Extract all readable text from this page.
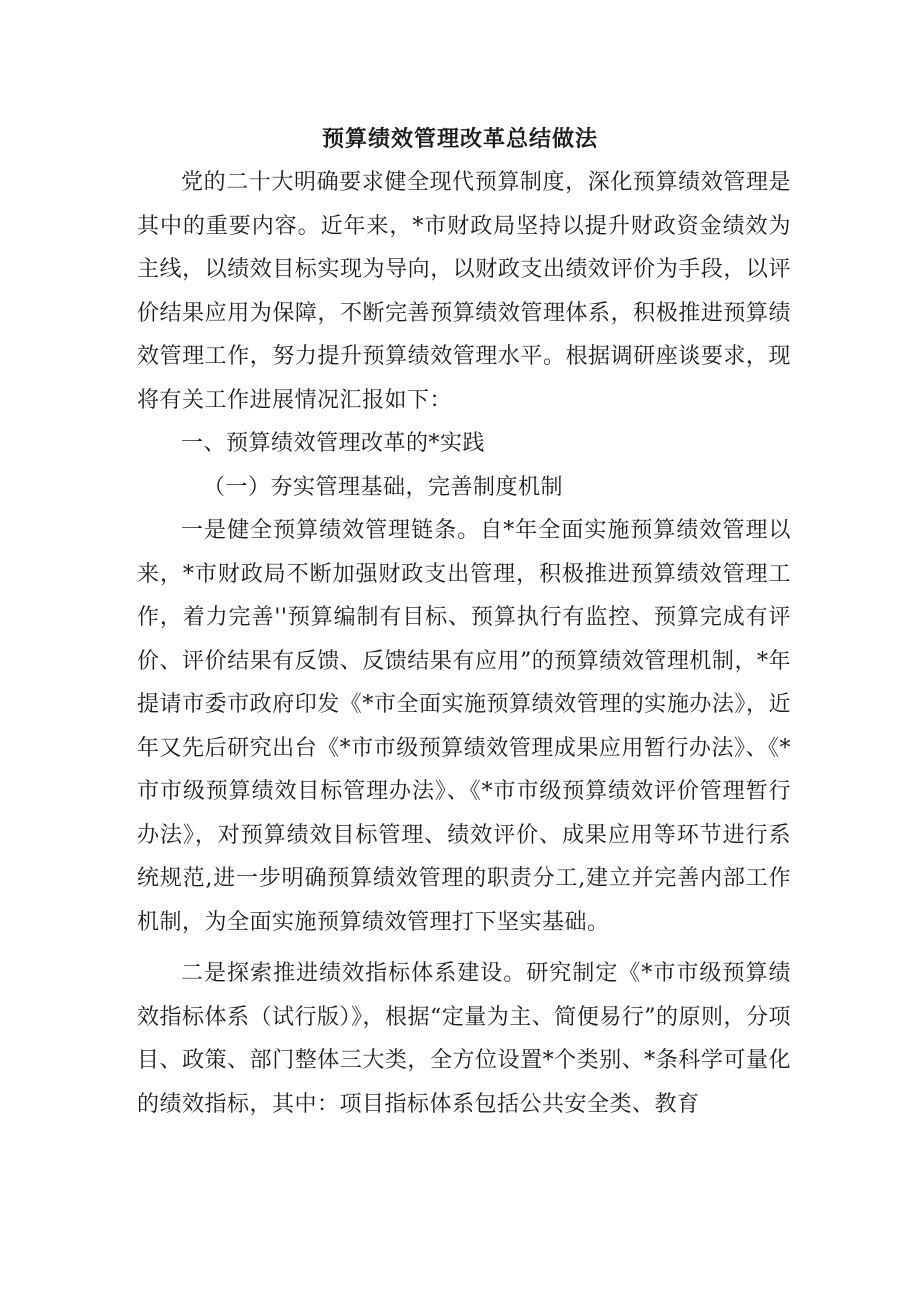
预算绩效管理改革总结做法

党的二十大明确要求健全现代预算制度，深化预算绩效管理是其中的重要内容。近年来，*市财政局坚持以提升财政资金绩效为主线，以绩效目标实现为导向，以财政支出绩效评价为手段，以评价结果应用为保障，不断完善预算绩效管理体系，积极推进预算绩效管理工作，努力提升预算绩效管理水平。根据调研座谈要求，现将有关工作进展情况汇报如下：

一、预算绩效管理改革的*实践

（一）夯实管理基础，完善制度机制

一是健全预算绩效管理链条。自*年全面实施预算绩效管理以来，*市财政局不断加强财政支出管理，积极推进预算绩效管理工作，着力完善''预算编制有目标、预算执行有监控、预算完成有评价、评价结果有反馈、反馈结果有应用”的预算绩效管理机制，*年提请市委市政府印发《*市全面实施预算绩效管理的实施办法》，近年又先后研究出台《*市市级预算绩效管理成果应用暂行办法》、《*市市级预算绩效目标管理办法》、《*市市级预算绩效评价管理暂行办法》，对预算绩效目标管理、绩效评价、成果应用等环节进行系统规范,进一步明确预算绩效管理的职责分工,建立并完善内部工作机制，为全面实施预算绩效管理打下坚实基础。

二是探索推进绩效指标体系建设。研究制定《*市市级预算绩效指标体系（试行版）》，根据“定量为主、简便易行”的原则，分项目、政策、部门整体三大类，全方位设置*个类别、*条科学可量化的绩效指标，其中：项目指标体系包括公共安全类、教育
